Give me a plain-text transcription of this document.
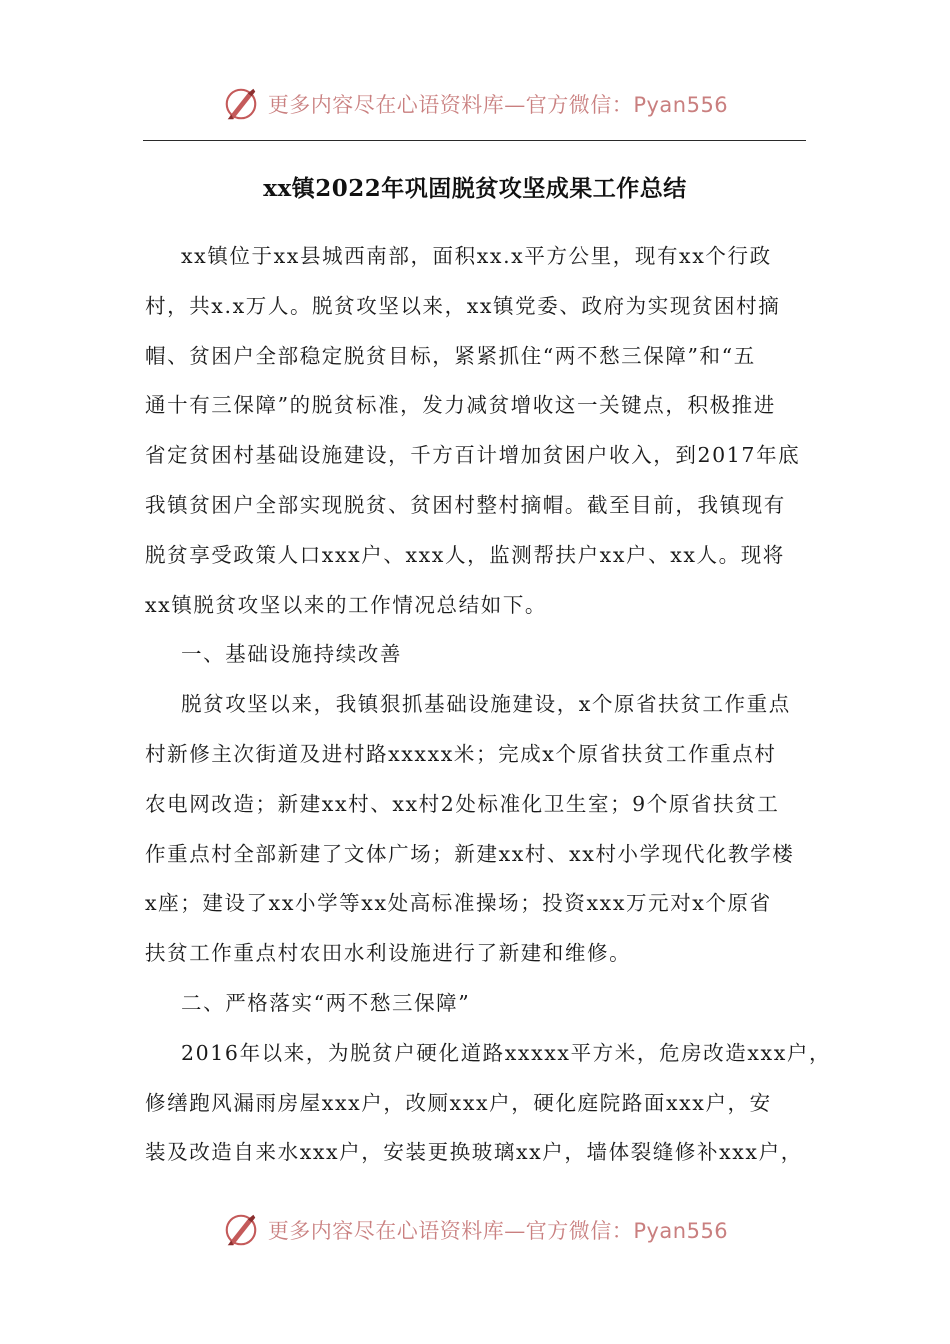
更多内容尽在心语资料库—官方微信：Pyan556
xx镇2022年巩固脱贫攻坚成果工作总结
xx镇位于xx县城西南部，面积xx.x平方公里，现有xx个行政
村，共x.x万人。脱贫攻坚以来，xx镇党委、政府为实现贫困村摘
帽、贫困户全部稳定脱贫目标，紧紧抓住“两不愁三保障”和“五
通十有三保障”的脱贫标准，发力减贫增收这一关键点，积极推进
省定贫困村基础设施建设，千方百计增加贫困户收入，到2017年底
我镇贫困户全部实现脱贫、贫困村整村摘帽。截至目前，我镇现有
脱贫享受政策人口xxx户、xxx人，监测帮扶户xx户、xx人。现将
xx镇脱贫攻坚以来的工作情况总结如下。
一、基础设施持续改善
脱贫攻坚以来，我镇狠抓基础设施建设，x个原省扶贫工作重点
村新修主次街道及进村路xxxxx米；完成x个原省扶贫工作重点村
农电网改造；新建xx村、xx村2处标准化卫生室；9个原省扶贫工
作重点村全部新建了文体广场；新建xx村、xx村小学现代化教学楼
x座；建设了xx小学等xx处高标准操场；投资xxx万元对x个原省
扶贫工作重点村农田水利设施进行了新建和维修。
二、严格落实“两不愁三保障”
2016年以来，为脱贫户硬化道路xxxxx平方米，危房改造xxx户，
修缮跑风漏雨房屋xxx户，改厕xxx户，硬化庭院路面xxx户，安
装及改造自来水xxx户，安装更换玻璃xx户，墙体裂缝修补xxx户，
更多内容尽在心语资料库—官方微信：Pyan556
